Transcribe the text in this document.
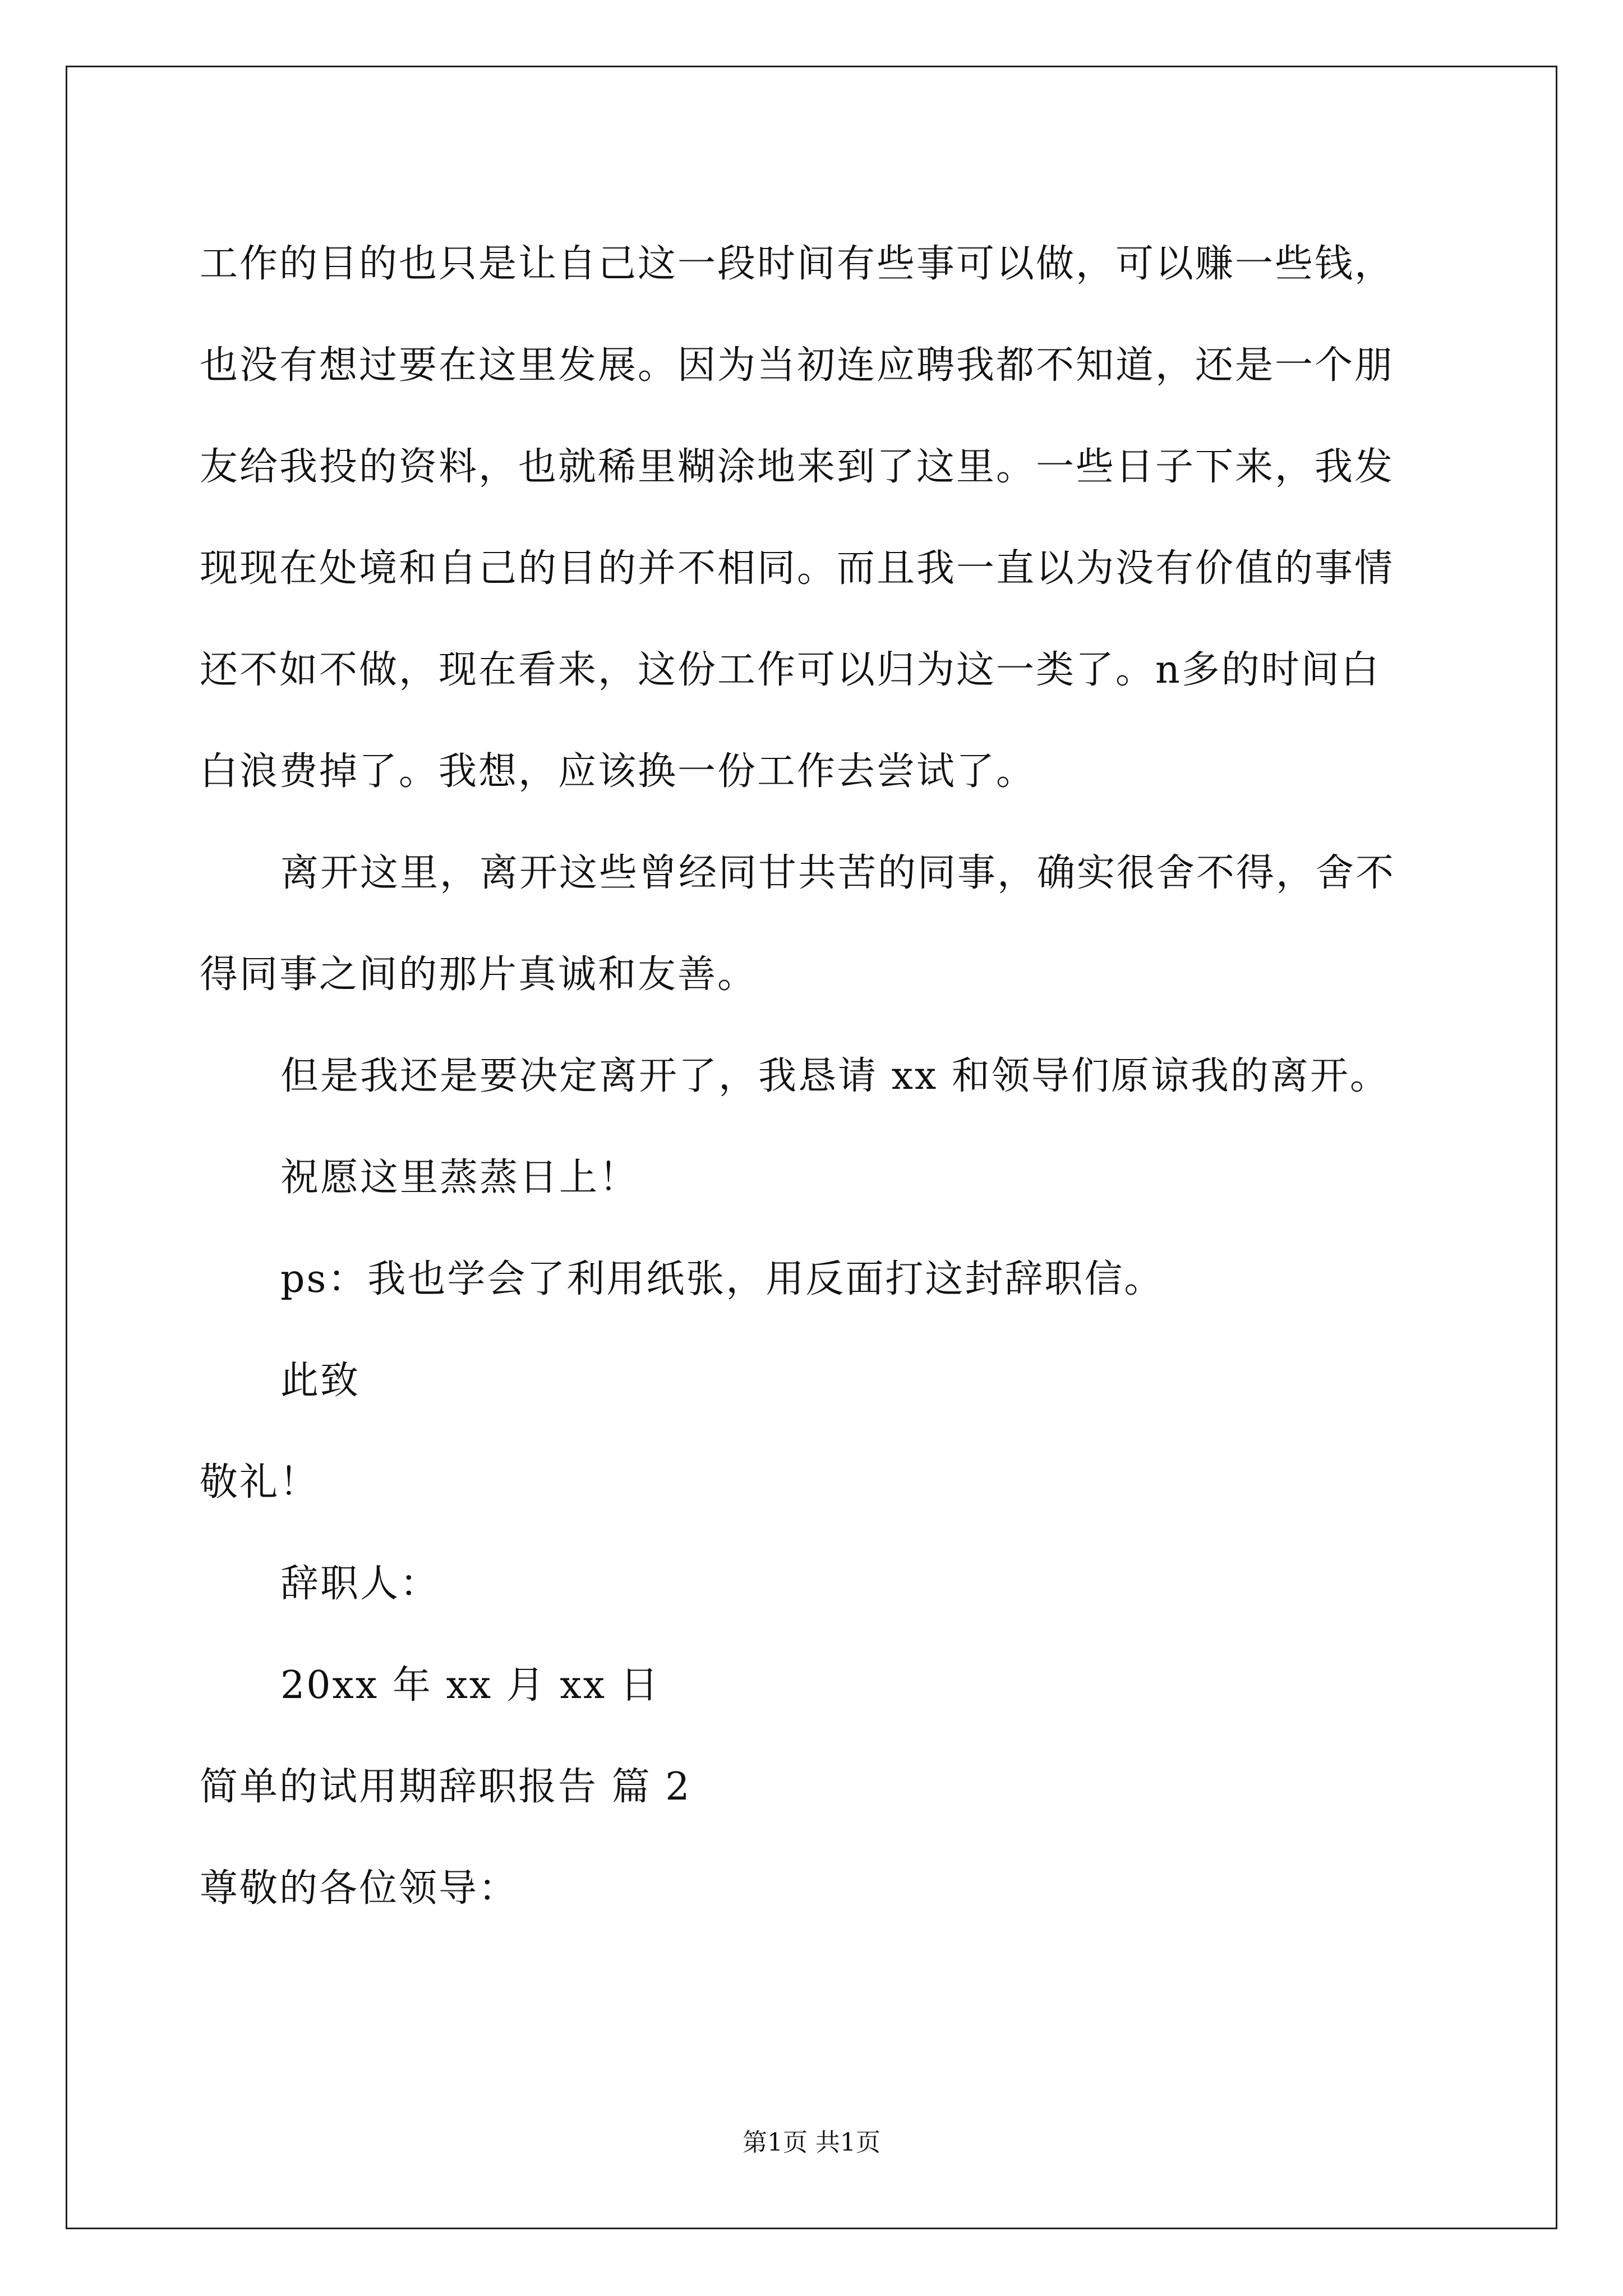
工作的目的也只是让自己这一段时间有些事可以做，可以赚一些钱，
也没有想过要在这里发展。因为当初连应聘我都不知道，还是一个朋
友给我投的资料，也就稀里糊涂地来到了这里。一些日子下来，我发
现现在处境和自己的目的并不相同。而且我一直以为没有价值的事情
还不如不做，现在看来，这份工作可以归为这一类了。n多的时间白
白浪费掉了。我想，应该换一份工作去尝试了。
离开这里，离开这些曾经同甘共苦的同事，确实很舍不得，舍不
得同事之间的那片真诚和友善。
但是我还是要决定离开了，我恳请 xx 和领导们原谅我的离开。
祝愿这里蒸蒸日上！
ps：我也学会了利用纸张，用反面打这封辞职信。
此致
敬礼！
辞职人：
20xx 年 xx 月 xx 日
简单的试用期辞职报告 篇 2
尊敬的各位领导：
第1页 共1页
